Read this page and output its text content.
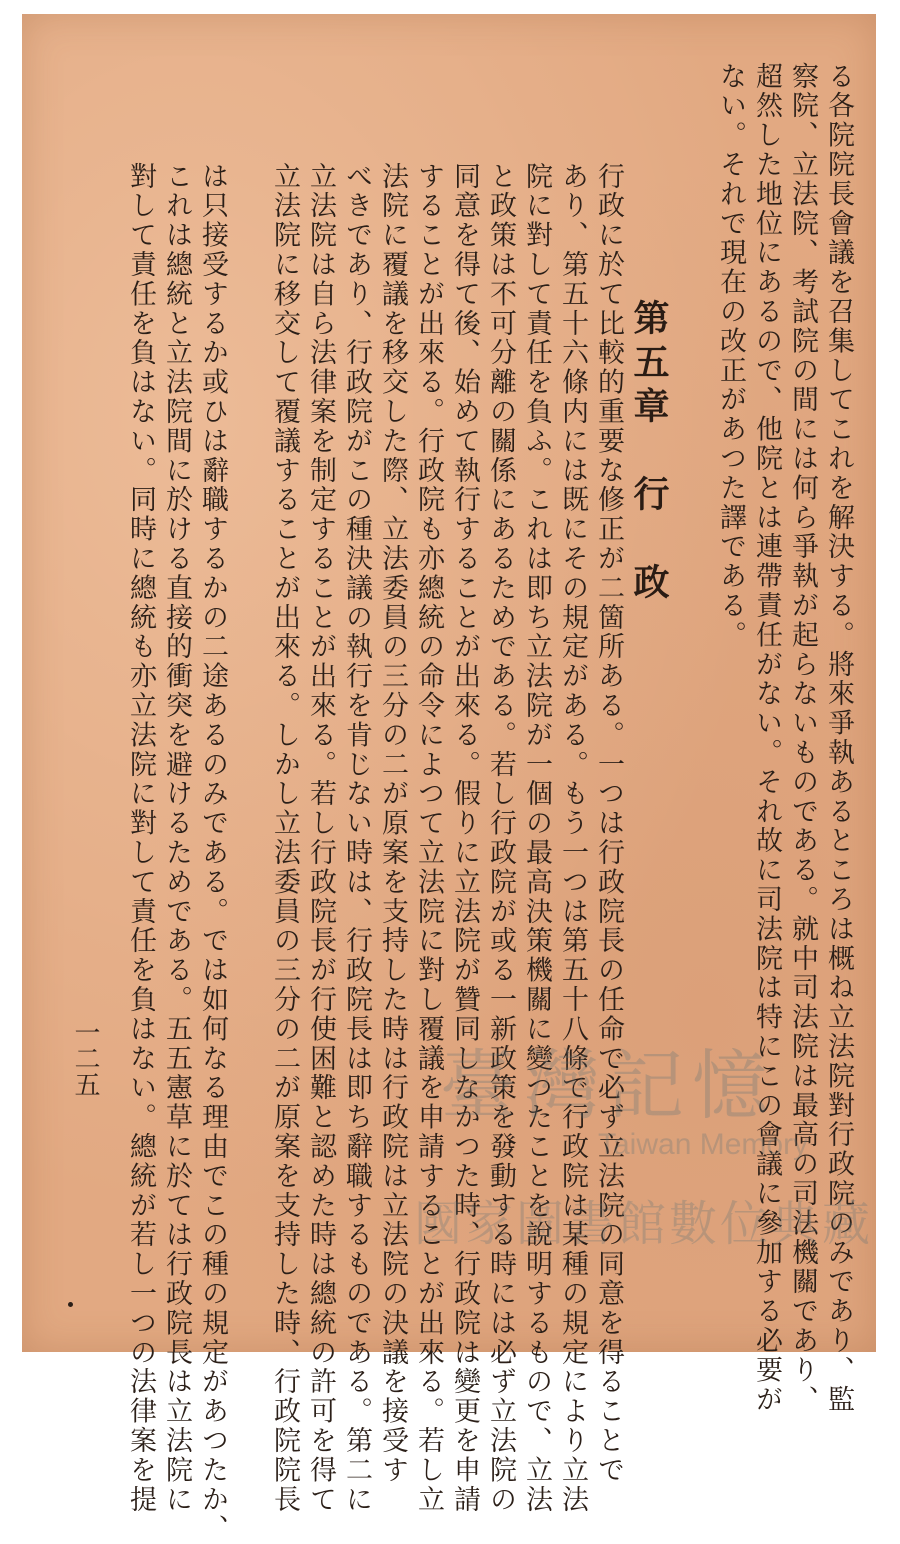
る各院院長會議を召集してこれを解決する。將來爭執あるところは概ね立法院對行政院のみであり、監
察院、立法院、考試院の間には何ら爭執が起らないものである。就中司法院は最高の司法機關であり、
超然した地位にあるので、他院とは連帶責任がない。それ故に司法院は特にこの會議に參加する必要が
ない。それで現在の改正があつた譯である。
第五章　行　政
行政に於て比較的重要な修正が二箇所ある。一つは行政院長の任命で必ず立法院の同意を得ることで
あり、第五十六條内には既にその規定がある。もう一つは第五十八條で行政院は某種の規定により立法
院に對して責任を負ふ。これは即ち立法院が一個の最高決策機關に變つたことを說明するもので、立法
と政策は不可分離の關係にあるためである。若し行政院が或る一新政策を發動する時には必ず立法院の
同意を得て後、始めて執行することが出來る。假りに立法院が贊同しなかつた時、行政院は變更を申請
することが出來る。行政院も亦總統の命令によつて立法院に對し覆議を申請することが出來る。若し立
法院に覆議を移交した際、立法委員の三分の二が原案を支持した時は行政院は立法院の決議を接受す
べきであり、行政院がこの種決議の執行を肯じない時は、行政院長は即ち辭職するものである。第二に
立法院は自ら法律案を制定することが出來る。若し行政院長が行使困難と認めた時は總統の許可を得て
立法院に移交して覆議することが出來る。しかし立法委員の三分の二が原案を支持した時、行政院院長
は只接受するか或ひは辭職するかの二途あるのみである。では如何なる理由でこの種の規定があつたか、
これは總統と立法院間に於ける直接的衝突を避けるためである。五五憲草に於ては行政院長は立法院に
對して責任を負はない。同時に總統も亦立法院に對して責任を負はない。總統が若し一つの法律案を提
一二五	臺灣記憶
Taiwan Memory
國家圖書館數位典藏
